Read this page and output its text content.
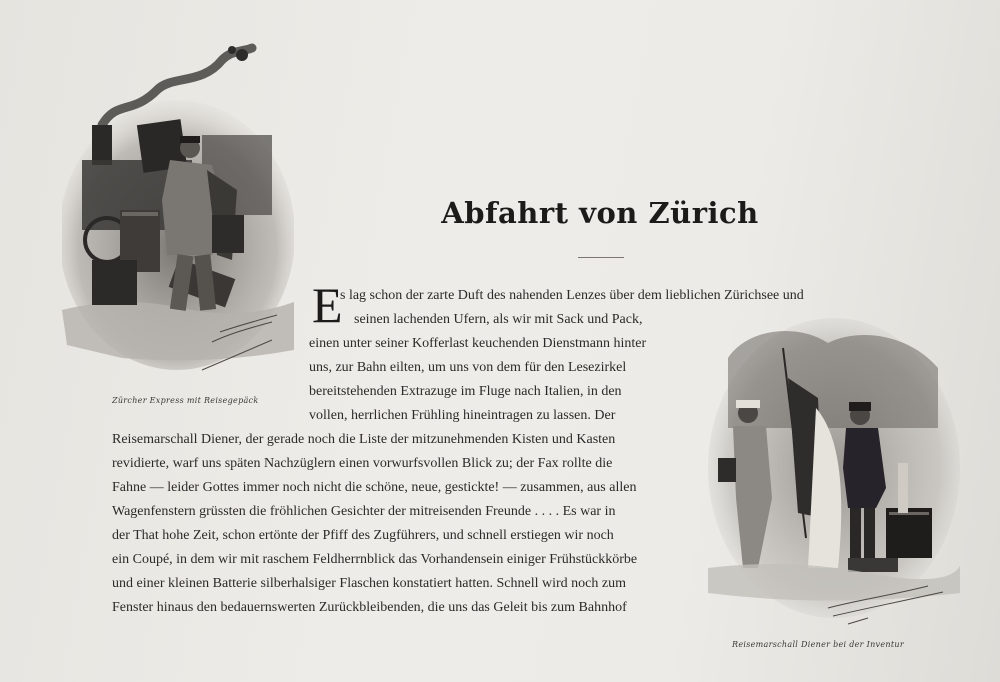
Zürcher Express mit Reisegepäck
Abfahrt von Zürich
E
s lag schon der zarte Duft des nahenden Lenzes über dem lieblichen Zürichsee und
seinen lachenden Ufern, als wir mit Sack und Pack,
einen unter seiner Kofferlast keuchenden Dienstmann hinter
uns, zur Bahn eilten, um uns von dem für den Lesezirkel
bereitstehenden Extrazuge im Fluge nach Italien, in den
vollen, herrlichen Frühling hineintragen zu lassen. Der
Reisemarschall Diener, der gerade noch die Liste der mitzunehmenden Kisten und Kasten
revidierte, warf uns späten Nachzüglern einen vorwurfsvollen Blick zu; der Fax rollte die
Fahne — leider Gottes immer noch nicht die schöne, neue, gestickte! — zusammen, aus allen
Wagenfenstern grüssten die fröhlichen Gesichter der mitreisenden Freunde . . . . Es war in
der That hohe Zeit, schon ertönte der Pfiff des Zugführers, und schnell erstiegen wir noch
ein Coupé, in dem wir mit raschem Feldherrnblick das Vorhandensein einiger Frühstückkörbe
und einer kleinen Batterie silberhalsiger Flaschen konstatiert hatten. Schnell wird noch zum
Fenster hinaus den bedauernswerten Zurückbleibenden, die uns das Geleit bis zum Bahnhof
Reisemarschall Diener bei der Inventur
